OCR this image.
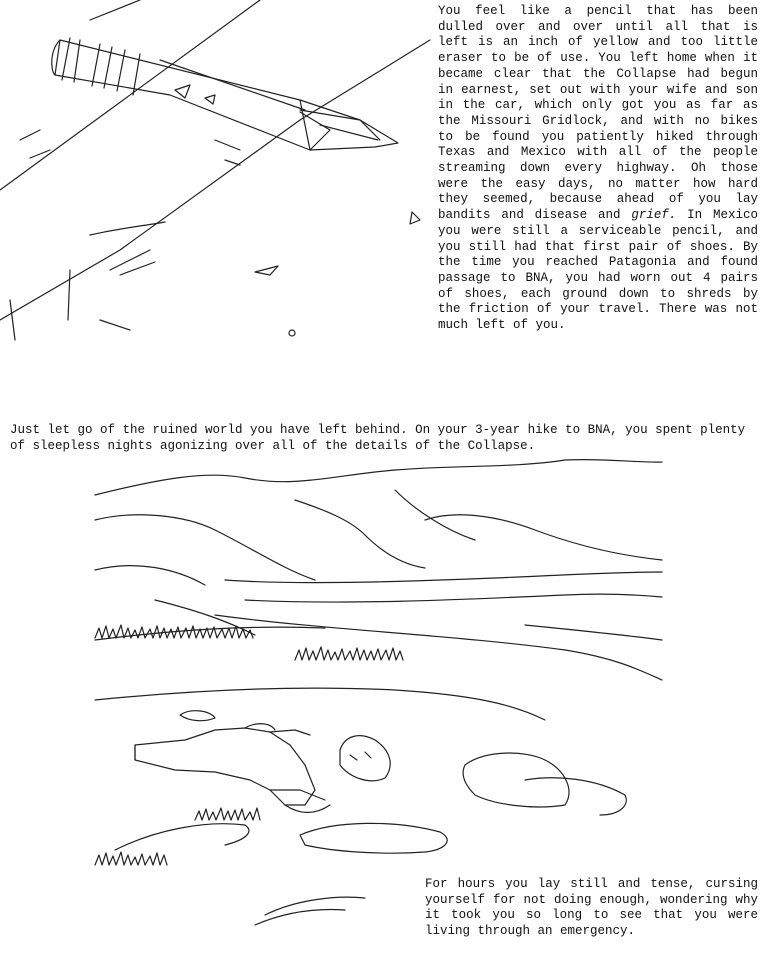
You feel like a pencil that has been dulled over and over until all that is left is an inch of yellow and too little eraser to be of use. You left home when it became clear that the Collapse had begun in earnest, set out with your wife and son in the car, which only got you as far as the Missouri Gridlock, and with no bikes to be found you patiently hiked through Texas and Mexico with all of the people streaming down every highway. Oh those were the easy days, no matter how hard they seemed, because ahead of you lay bandits and disease and grief. In Mexico you were still a serviceable pencil, and you still had that first pair of shoes. By the time you reached Patagonia and found passage to BNA, you had worn out 4 pairs of shoes, each ground down to shreds by the friction of your travel. There was not much left of you.

Just let go of the ruined world you have left behind. On your 3-year hike to BNA, you spent plenty of sleepless nights agonizing over all of the details of the Collapse.

For hours you lay still and tense, cursing yourself for not doing enough, wondering why it took you so long to see that you were living through an emergency.
